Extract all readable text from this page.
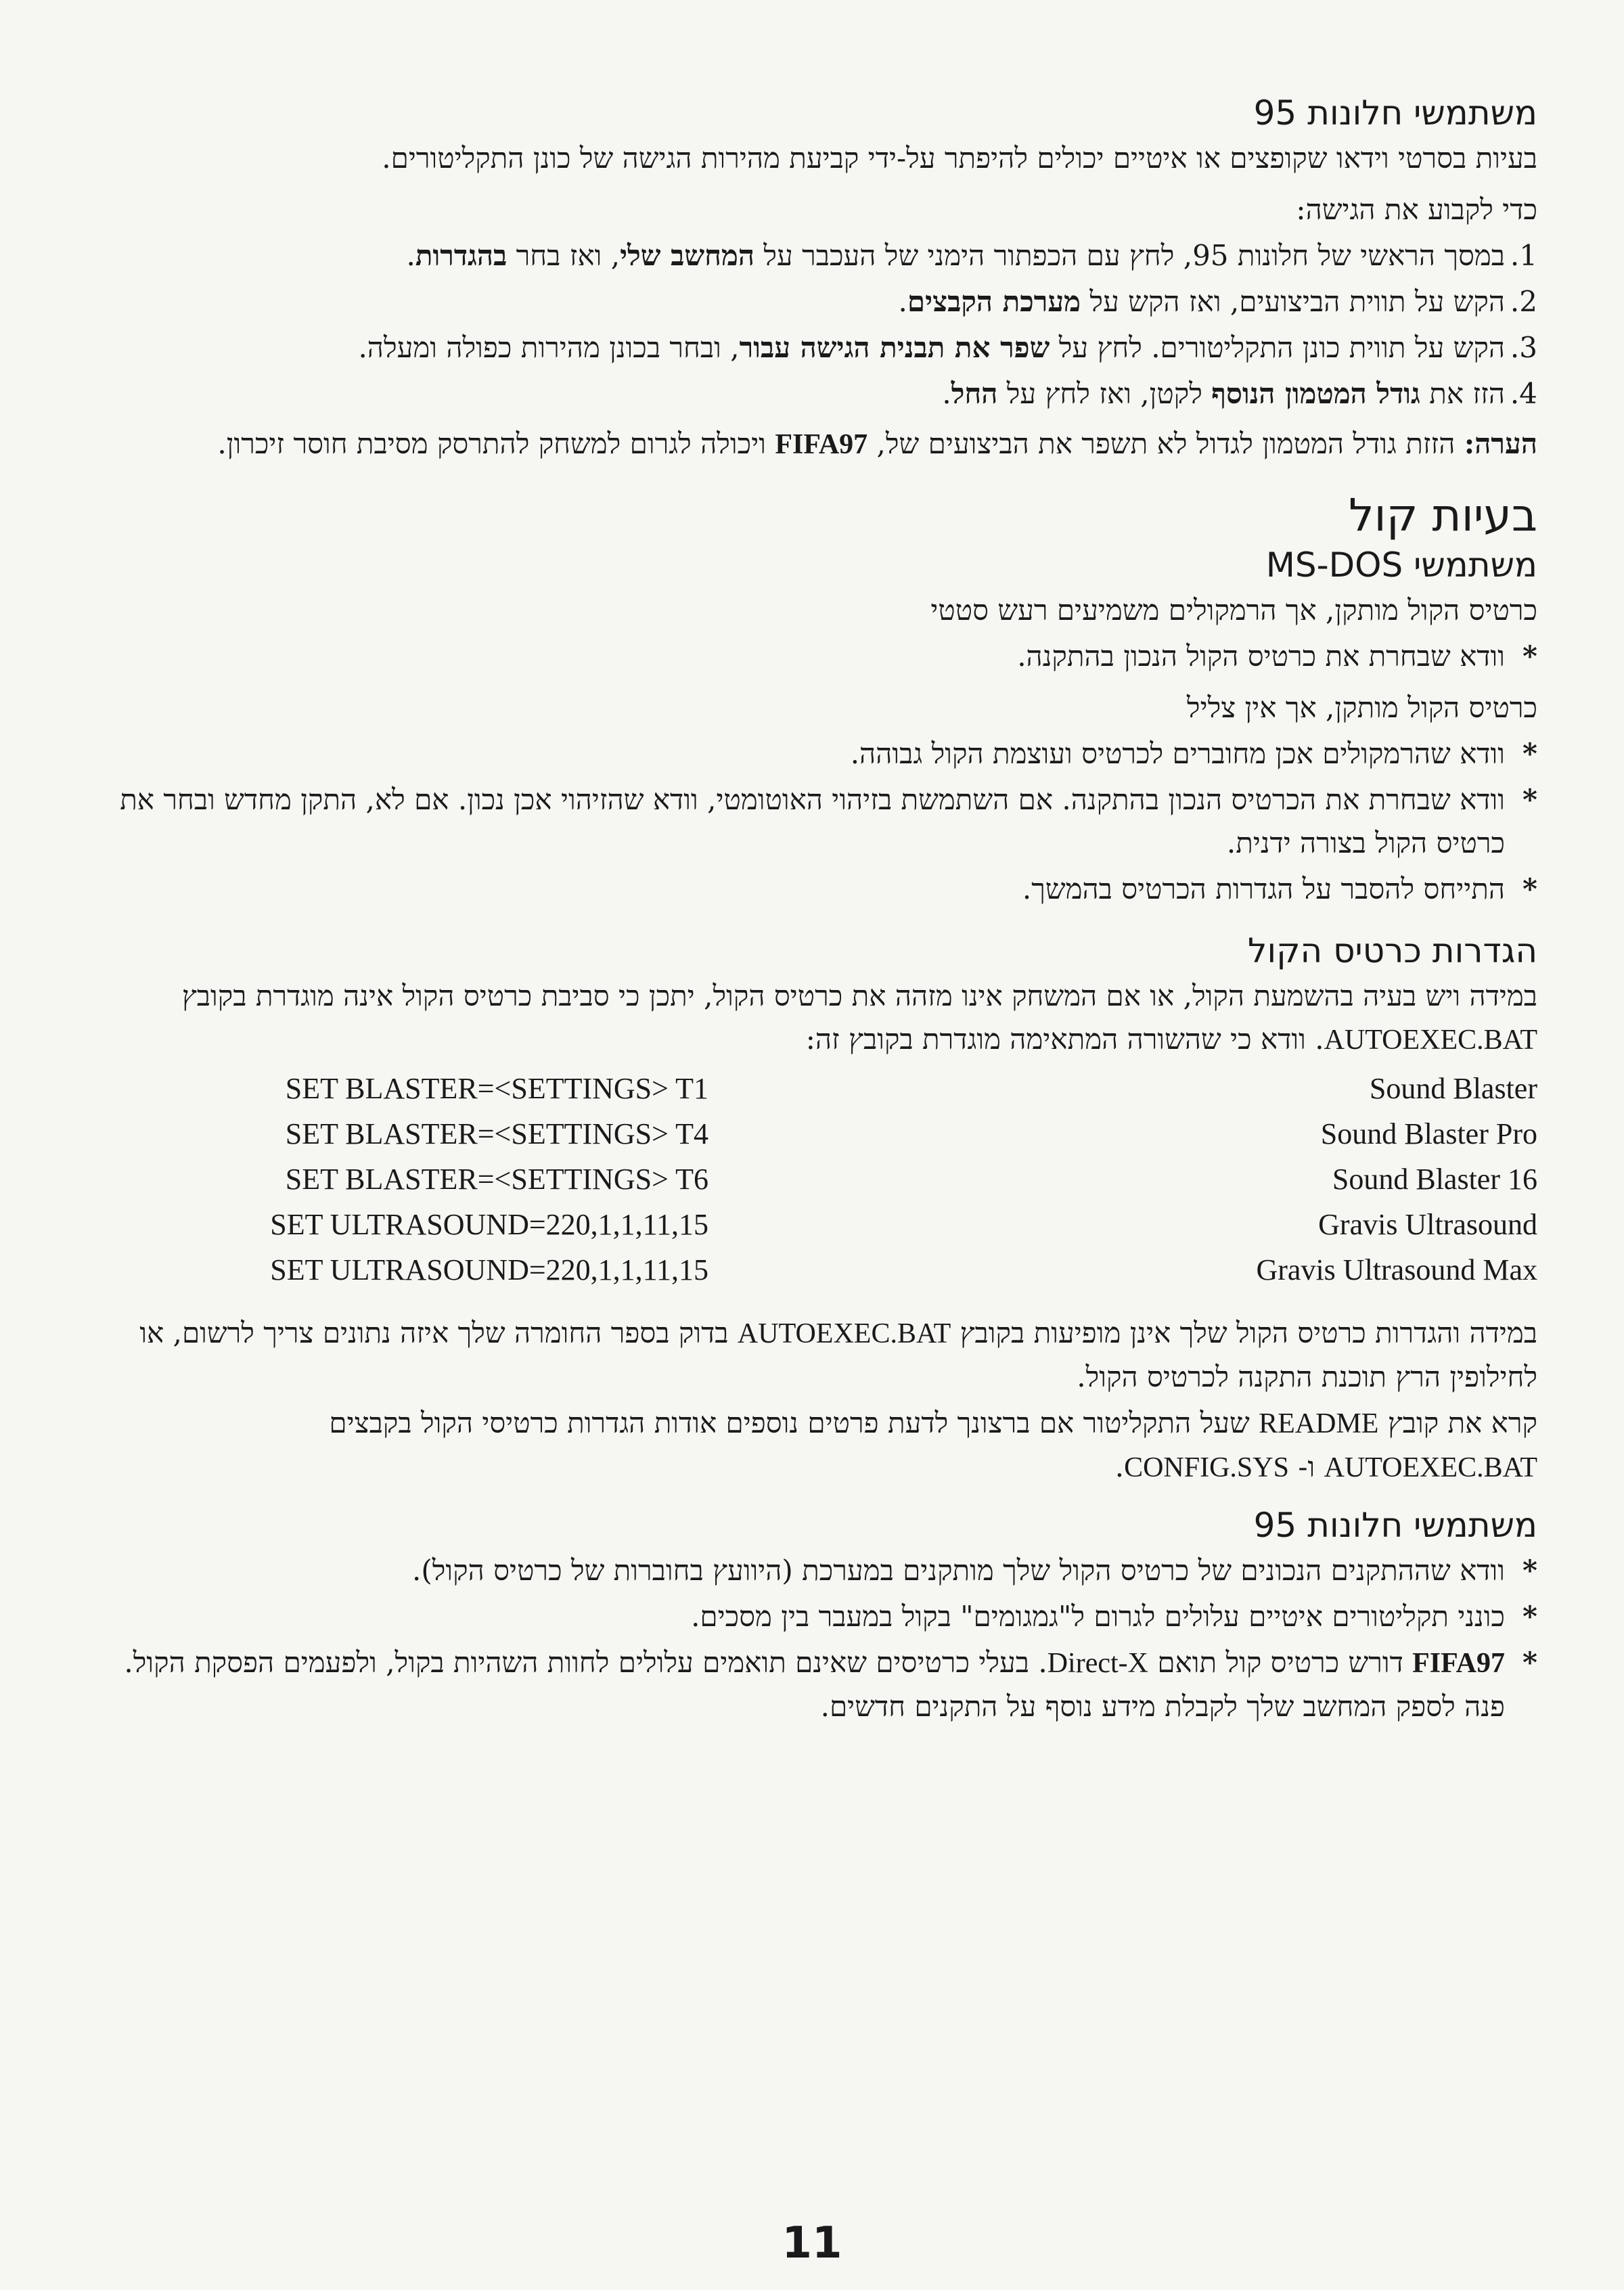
משתמשי חלונות 95

בעיות בסרטי וידאו שקופצים או איטיים יכולים להיפתר על-ידי קביעת מהירות הגישה של כונן התקליטורים.

כדי לקבוע את הגישה:

1.
במסך הראשי של חלונות 95, לחץ עם הכפתור הימני של העכבר על המחשב שלי, ואז בחר בהגדרות.
2.
הקש על תווית הביצועים, ואז הקש על מערכת הקבצים.
3.
הקש על תווית כונן התקליטורים. לחץ על שפר את תבנית הגישה עבור, ובחר בכונן מהירות כפולה ומעלה.
4.
הזז את גודל המטמון הנוסף לקטן, ואז לחץ על החל.

הערה: הזזת גודל המטמון לגדול לא תשפר את הביצועים של, FIFA97 ויכולה לגרום למשחק להתרסק מסיבת חוסר זיכרון.

בעיות קול
משתמשי MS-DOS

כרטיס הקול מותקן, אך הרמקולים משמיעים רעש סטטי

*
וודא שבחרת את כרטיס הקול הנכון בהתקנה.

כרטיס הקול מותקן, אך אין צליל

*
וודא שהרמקולים אכן מחוברים לכרטיס ועוצמת הקול גבוהה.
*
וודא שבחרת את הכרטיס הנכון בהתקנה. אם השתמשת בזיהוי האוטומטי, וודא שהזיהוי אכן נכון. אם לא, התקן מחדש ובחר את כרטיס הקול בצורה ידנית.
*
התייחס להסבר על הגדרות הכרטיס בהמשך.
הגדרות כרטיס הקול

במידה ויש בעיה בהשמעת הקול, או אם המשחק אינו מזהה את כרטיס הקול, יתכן כי סביבת כרטיס הקול אינה מוגדרת בקובץ AUTOEXEC.BAT. וודא כי שהשורה המתאימה מוגדרת בקובץ זה:

SET BLASTER=<SETTINGS> T1		Sound Blaster
SET BLASTER=<SETTINGS> T4		Sound Blaster Pro
SET BLASTER=<SETTINGS> T6		Sound Blaster 16
SET ULTRASOUND=220,1,1,11,15		Gravis Ultrasound
SET ULTRASOUND=220,1,1,11,15		Gravis Ultrasound Max

במידה והגדרות כרטיס הקול שלך אינן מופיעות בקובץ AUTOEXEC.BAT בדוק בספר החומרה שלך איזה נתונים צריך לרשום, או לחילופין הרץ תוכנת התקנה לכרטיס הקול.

קרא את קובץ README שעל התקליטור אם ברצונך לדעת פרטים נוספים אודות הגדרות כרטיסי הקול בקבצים AUTOEXEC.BAT ו- CONFIG.SYS.

משתמשי חלונות 95
*
וודא שההתקנים הנכונים של כרטיס הקול שלך מותקנים במערכת (היוועץ בחוברות של כרטיס הקול).
*
כונני תקליטורים איטיים עלולים לגרום ל"גמגומים" בקול במעבר בין מסכים.
*
FIFA97 דורש כרטיס קול תואם Direct-X. בעלי כרטיסים שאינם תואמים עלולים לחוות השהיות בקול, ולפעמים הפסקת הקול. פנה לספק המחשב שלך לקבלת מידע נוסף על התקנים חדשים.
11
